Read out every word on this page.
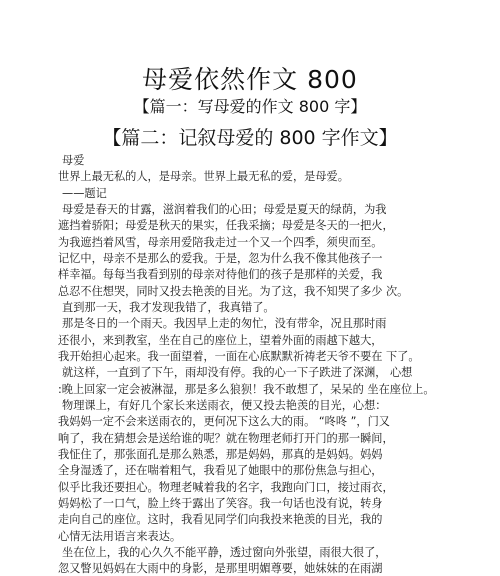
母爱依然作文 800
【篇一：写母爱的作文 800 字】
【篇二：记叙母爱的 800 字作文】
母爱
世界上最无私的人，是母亲。世界上最无私的爱，是母爱。
——题记
母爱是春天的甘露，滋润着我们的心田；母爱是夏天的绿荫，为我
遮挡着骄阳；母爱是秋天的果实，任我采摘；母爱是冬天的一把火，
为我遮挡着风雪，母亲用爱陪我走过一个又一个四季，须臾而至。
记忆中，母亲不是那么的爱我。于是，忽为什么我不像其他孩子一
样幸福。每每当我看到别的母亲对待他们的孩子是那样的关爱，我
总忍不住想哭，同时又投去艳羡的目光。为了这，我不知哭了多少 次。
直到那一天，我才发现我错了，我真错了。
那是冬日的一个雨天。我因早上走的匆忙，没有带伞，况且那时雨
还很小，来到教室，坐在自己的座位上，望着外面的雨越下越大，
我开始担心起来。我一面望着，一面在心底默默祈祷老天爷不要在 下了。
就这样，一直到了下午，雨却没有停。我的心一下子跌进了深渊， 心想
:晚上回家一定会被淋湿，那是多么狼狈！我不敢想了，呆呆的 坐在座位上。
物理课上，有好几个家长来送雨衣，便又投去艳羡的目光，心想：
我妈妈一定不会来送雨衣的，更何况下这么大的雨。 “咚咚 ”，门又
响了，我在猜想会是送给谁的呢？就在物理老师打开门的那一瞬间，
我怔住了，那张面孔是那么熟悉，那是妈妈，那真的是妈妈。妈妈
全身湿透了，还在喘着粗气，我看见了她眼中的那份焦急与担心，
似乎比我还要担心。物理老喊着我的名字，我跑向门口，接过雨衣，
妈妈松了一口气，脸上终于露出了笑容。我一句话也没有说，转身
走向自己的座位。这时，我看见同学们向我投来艳羡的目光，我的
心情无法用语言来表达。
坐在位上，我的心久久不能平静，透过窗向外张望，雨很大很了，
忽又瞥见妈妈在大雨中的身影，是那里明媚尊要，她妹妹的在雨湖
